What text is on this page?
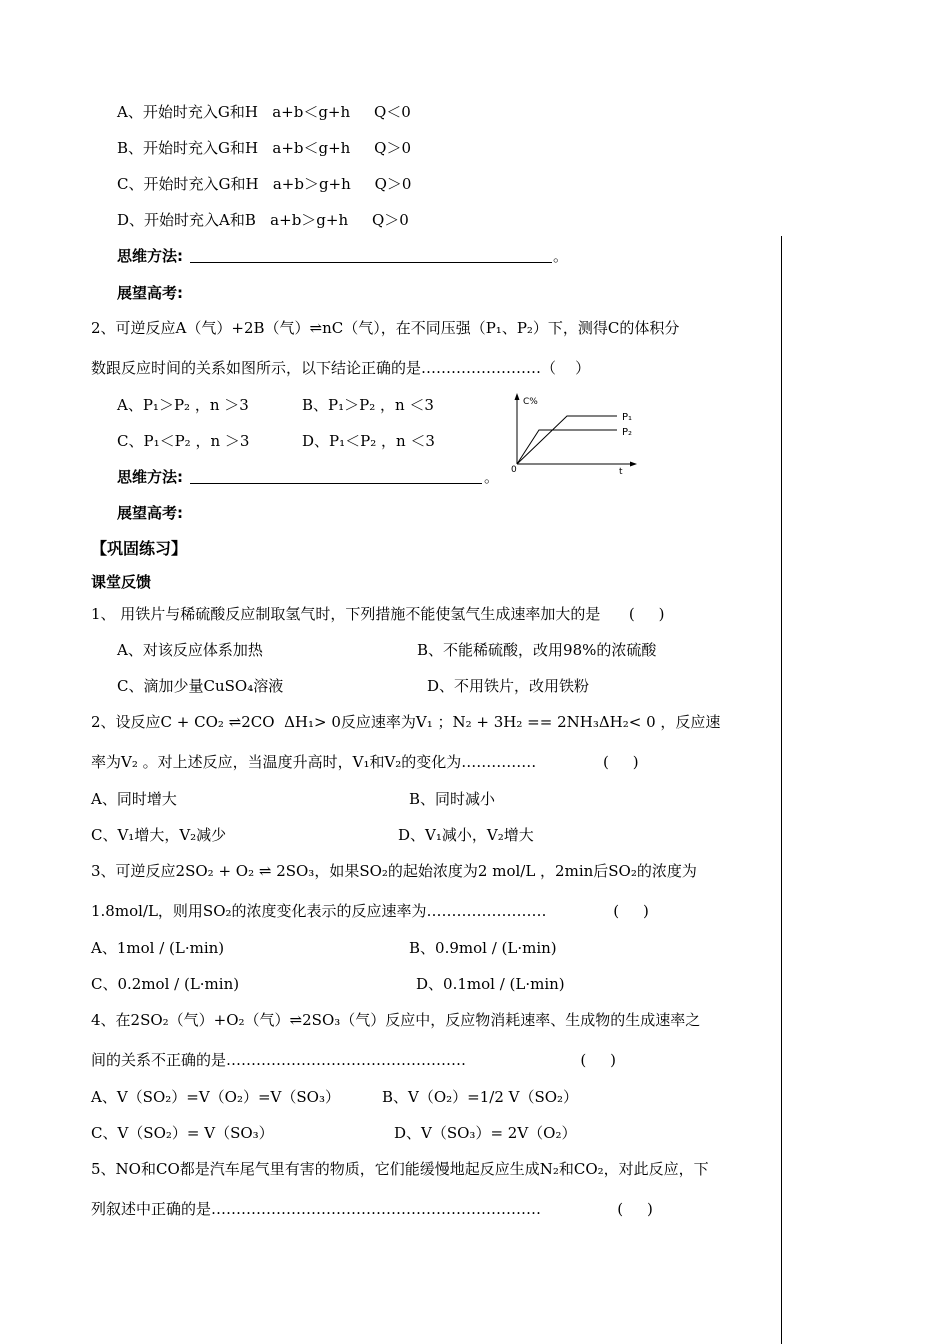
A、开始时充入G和H   a+b＜g+h     Q＜0
B、开始时充入G和H   a+b＜g+h     Q＞0
C、开始时充入G和H   a+b＞g+h     Q＞0
D、开始时充入A和B   a+b＞g+h     Q＞0
思维方法:	。
展望高考:
2、可逆反应A（气）+2B（气）⇌nC（气），在不同压强（P₁、P₂）下，测得C的体积分
数跟反应时间的关系如图所示，以下结论正确的是……………………（    ）
A、P₁＞P₂ ，n ＞3	B、P₁＞P₂ ，n ＜3
C、P₁＜P₂ ，n ＞3	D、P₁＜P₂ ，n ＜3
思维方法:	。
展望高考:
C%
t
0
P₁
P₂
【巩固练习】
课堂反馈
1、 用铁片与稀硫酸反应制取氢气时，下列措施不能使氢气生成速率加大的是      (     )
A、对该反应体系加热	B、不能稀硫酸，改用98%的浓硫酸
C、滴加少量CuSO₄溶液	D、不用铁片，改用铁粉
2、设反应C + CO₂ ⇌2CO  ΔH₁> 0反应速率为V₁ ；N₂ + 3H₂ == 2NH₃ΔH₂< 0 ，反应速
率为V₂ 。对上述反应，当温度升高时，V₁和V₂的变化为……………              (     )
A、同时增大	B、同时减小
C、V₁增大，V₂减少	D、V₁减小，V₂增大
3、可逆反应2SO₂ + O₂ ⇌ 2SO₃，如果SO₂的起始浓度为2 mol/L ，2min后SO₂的浓度为
1.8mol/L，则用SO₂的浓度变化表示的反应速率为……………………              (     )
A、1mol / (L·min)	B、0.9mol / (L·min)
C、0.2mol / (L·min)	D、0.1mol / (L·min)
4、在2SO₂（气）+O₂（气）⇌2SO₃（气）反应中，反应物消耗速率、生成物的生成速率之
间的关系不正确的是…………………………………………                        (     )
A、V（SO₂）=V（O₂）=V（SO₃）	B、V（O₂）=1/2 V（SO₂）
C、V（SO₂）= V（SO₃）	D、V（SO₃）= 2V（O₂）
5、NO和CO都是汽车尾气里有害的物质，它们能缓慢地起反应生成N₂和CO₂，对此反应，下
列叙述中正确的是…………………………………………………………                (     )
